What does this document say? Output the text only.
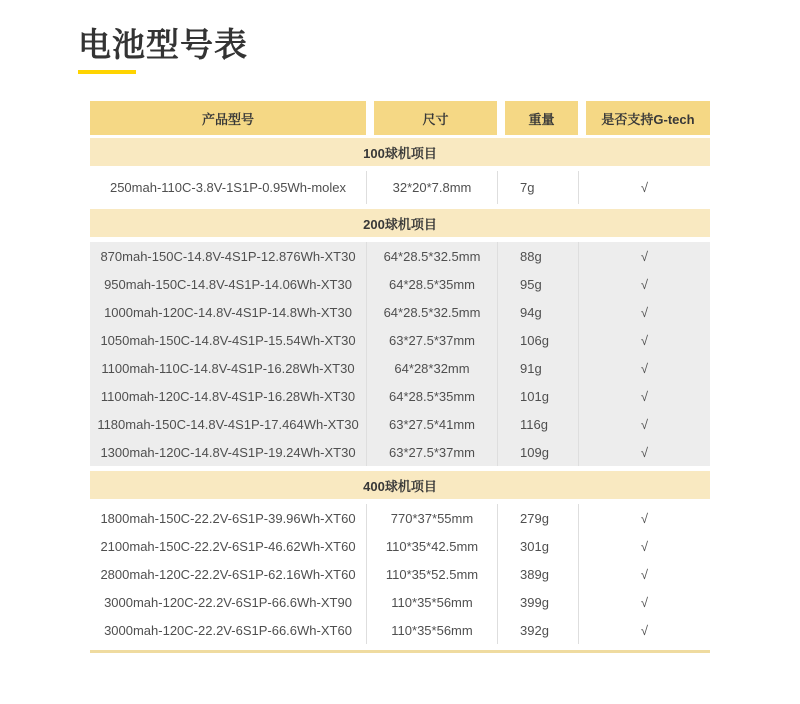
电池型号表
产品型号	尺寸	重量	是否支持G-tech
100球机项目
250mah-110C-3.8V-1S1P-0.95Wh-molex	32*20*7.8mm	7g	√
200球机项目
870mah-150C-14.8V-4S1P-12.876Wh-XT30	64*28.5*32.5mm	88g	√
950mah-150C-14.8V-4S1P-14.06Wh-XT30	64*28.5*35mm	95g	√
1000mah-120C-14.8V-4S1P-14.8Wh-XT30	64*28.5*32.5mm	94g	√
1050mah-150C-14.8V-4S1P-15.54Wh-XT30	63*27.5*37mm	106g	√
1100mah-110C-14.8V-4S1P-16.28Wh-XT30	64*28*32mm	91g	√
1100mah-120C-14.8V-4S1P-16.28Wh-XT30	64*28.5*35mm	101g	√
1180mah-150C-14.8V-4S1P-17.464Wh-XT30	63*27.5*41mm	116g	√
1300mah-120C-14.8V-4S1P-19.24Wh-XT30	63*27.5*37mm	109g	√
400球机项目
1800mah-150C-22.2V-6S1P-39.96Wh-XT60	770*37*55mm	279g	√
2100mah-150C-22.2V-6S1P-46.62Wh-XT60	110*35*42.5mm	301g	√
2800mah-120C-22.2V-6S1P-62.16Wh-XT60	110*35*52.5mm	389g	√
3000mah-120C-22.2V-6S1P-66.6Wh-XT90	110*35*56mm	399g	√
3000mah-120C-22.2V-6S1P-66.6Wh-XT60	110*35*56mm	392g	√
